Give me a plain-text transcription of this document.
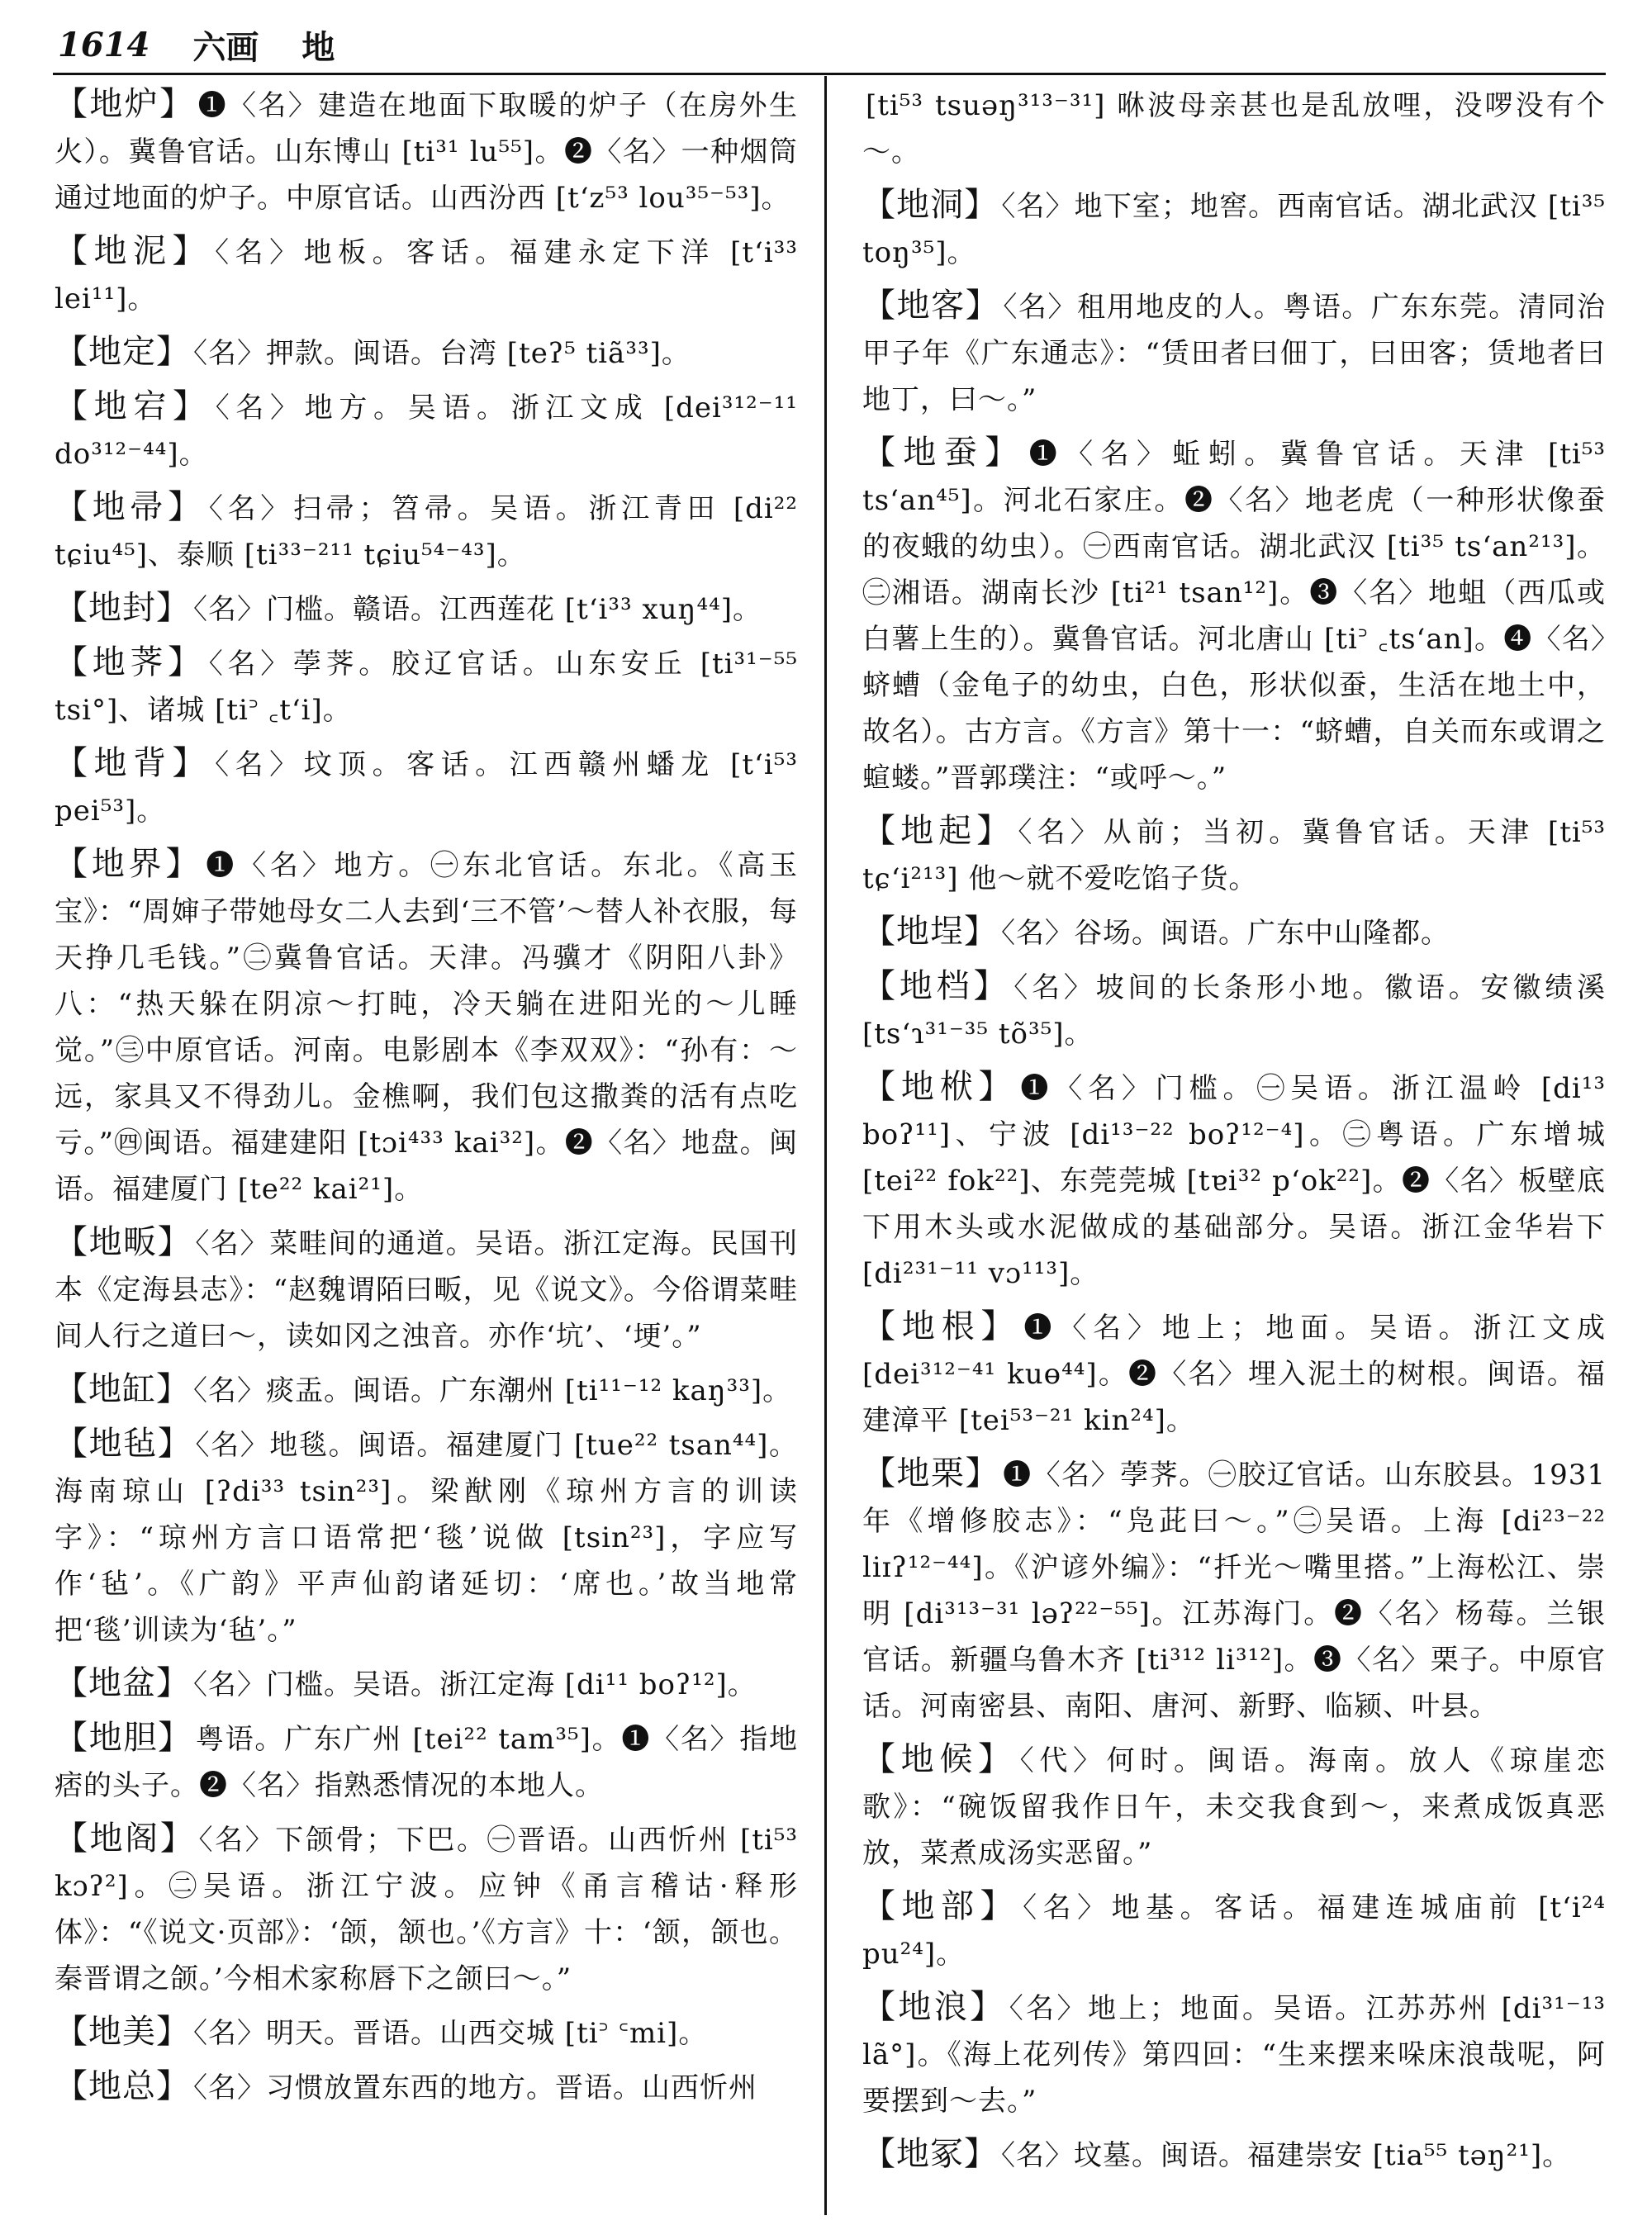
1614 六画 地

【地炉】 ❶〈名〉建造在地面下取暖的炉子（在房外生火）。冀鲁官话。山东博山 [ti³¹ lu⁵⁵]。❷〈名〉一种烟筒通过地面的炉子。中原官话。山西汾西 [tʻz⁵³ lou³⁵⁻⁵³]。

【地泥】 〈名〉地板。客话。福建永定下洋 [tʻi³³ lei¹¹]。

【地定】 〈名〉押款。闽语。台湾 [teʔ⁵ tiã³³]。

【地宕】 〈名〉地方。吴语。浙江文成 [dei³¹²⁻¹¹ do³¹²⁻⁴⁴]。

【地帚】 〈名〉扫帚；笤帚。吴语。浙江青田 [di²² tɕiu⁴⁵]、泰顺 [ti³³⁻²¹¹ tɕiu⁵⁴⁻⁴³]。

【地封】 〈名〉门槛。赣语。江西莲花 [tʻi³³ xuŋ⁴⁴]。

【地荠】 〈名〉荸荠。胶辽官话。山东安丘 [ti³¹⁻⁵⁵ tsi°]、诸城 [ti꜄ ꜀tʻi]。

【地背】 〈名〉坟顶。客话。江西赣州蟠龙 [tʻi⁵³ pei⁵³]。

【地界】 ❶〈名〉地方。㊀东北官话。东北。《高玉宝》：“周婶子带她母女二人去到‘三不管’～替人补衣服，每天挣几毛钱。”㊁冀鲁官话。天津。冯骥才《阴阳八卦》八：“热天躲在阴凉～打盹，冷天躺在进阳光的～儿睡觉。”㊂中原官话。河南。电影剧本《李双双》：“孙有：～远，家具又不得劲儿。金樵啊，我们包这撒粪的活有点吃亏。”㊃闽语。福建建阳 [tɔi⁴³³ kai³²]。❷〈名〉地盘。闽语。福建厦门 [te²² kai²¹]。

【地畈】 〈名〉菜畦间的通道。吴语。浙江定海。民国刊本《定海县志》：“赵魏谓陌曰畈，见《说文》。今俗谓菜畦间人行之道曰～，读如冈之浊音。亦作‘坑’、‘埂’。”

【地缸】 〈名〉痰盂。闽语。广东潮州 [ti¹¹⁻¹² kaŋ³³]。

【地毡】 〈名〉地毯。闽语。福建厦门 [tue²² tsan⁴⁴]。海南琼山 [ʔdi³³ tsin²³]。梁猷刚《琼州方言的训读字》：“琼州方言口语常把‘毯’说做 [tsin²³]，字应写作‘毡’。《广韵》平声仙韵诸延切：‘席也。’故当地常把‘毯’训读为‘毡’。”

【地盆】 〈名〉门槛。吴语。浙江定海 [di¹¹ boʔ¹²]。

【地胆】 粤语。广东广州 [tei²² tam³⁵]。❶〈名〉指地痞的头子。❷〈名〉指熟悉情况的本地人。

【地阁】 〈名〉下颌骨；下巴。㊀晋语。山西忻州 [ti⁵³ kɔʔ²]。㊁吴语。浙江宁波。应钟《甬言稽诂·释形体》：“《说文·页部》：‘颌，颔也。’《方言》十：‘颔，颌也。秦晋谓之颌。’今相术家称唇下之颌曰～。”

【地美】 〈名〉明天。晋语。山西交城 [ti꜄ ꜂mi]。

【地总】 〈名〉习惯放置东西的地方。晋语。山西忻州

[ti⁵³ tsuəŋ³¹³⁻³¹] 咻波母亲甚也是乱放哩，没啰没有个～。

【地洞】 〈名〉地下室；地窖。西南官话。湖北武汉 [ti³⁵ toŋ³⁵]。

【地客】 〈名〉租用地皮的人。粤语。广东东莞。清同治甲子年《广东通志》：“赁田者曰佃丁，曰田客；赁地者曰地丁，曰～。”

【地蚕】 ❶〈名〉蚯蚓。冀鲁官话。天津 [ti⁵³ tsʻan⁴⁵]。河北石家庄。❷〈名〉地老虎（一种形状像蚕的夜蛾的幼虫）。㊀西南官话。湖北武汉 [ti³⁵ tsʻan²¹³]。㊁湘语。湖南长沙 [ti²¹ tsan¹²]。❸〈名〉地蛆（西瓜或白薯上生的）。冀鲁官话。河北唐山 [ti꜄ ꜀tsʻan]。❹〈名〉蛴螬（金龟子的幼虫，白色，形状似蚕，生活在地土中，故名）。古方言。《方言》第十一：“蛴螬，自关而东或谓之蝖蝼。”晋郭璞注：“或呼～。”

【地起】 〈名〉从前；当初。冀鲁官话。天津 [ti⁵³ tɕʻi²¹³] 他～就不爱吃馅子货。

【地埕】 〈名〉谷场。闽语。广东中山隆都。

【地档】 〈名〉坡间的长条形小地。徽语。安徽绩溪 [tsʻɿ³¹⁻³⁵ tõ³⁵]。

【地栿】 ❶〈名〉门槛。㊀吴语。浙江温岭 [di¹³ boʔ¹¹]、宁波 [di¹³⁻²² boʔ¹²⁻⁴]。㊁粤语。广东增城 [tei²² fok²²]、东莞莞城 [tɐi³² pʻok²²]。❷〈名〉板壁底下用木头或水泥做成的基础部分。吴语。浙江金华岩下 [di²³¹⁻¹¹ vɔ¹¹³]。

【地根】 ❶〈名〉地上；地面。吴语。浙江文成 [dei³¹²⁻⁴¹ kuɵ⁴⁴]。❷〈名〉埋入泥土的树根。闽语。福建漳平 [tei⁵³⁻²¹ kin²⁴]。

【地栗】 ❶〈名〉荸荠。㊀胶辽官话。山东胶县。1931年《增修胶志》：“凫茈曰～。”㊁吴语。上海 [di²³⁻²² liɪʔ¹²⁻⁴⁴]。《沪谚外编》：“扦光～嘴里搭。”上海松江、崇明 [di³¹³⁻³¹ ləʔ²²⁻⁵⁵]。江苏海门。❷〈名〉杨莓。兰银官话。新疆乌鲁木齐 [ti³¹² li³¹²]。❸〈名〉栗子。中原官话。河南密县、南阳、唐河、新野、临颍、叶县。

【地候】 〈代〉何时。闽语。海南。放人《琼崖恋歌》：“碗饭留我作日午，未交我食到～，来煮成饭真恶放，菜煮成汤实恶留。”

【地部】 〈名〉地基。客话。福建连城庙前 [tʻi²⁴ pu²⁴]。

【地浪】 〈名〉地上；地面。吴语。江苏苏州 [di³¹⁻¹³ lã°]。《海上花列传》第四回：“生来摆来哚床浪哉呢，阿要摆到～去。”

【地冢】 〈名〉坟墓。闽语。福建崇安 [tia⁵⁵ təŋ²¹]。
